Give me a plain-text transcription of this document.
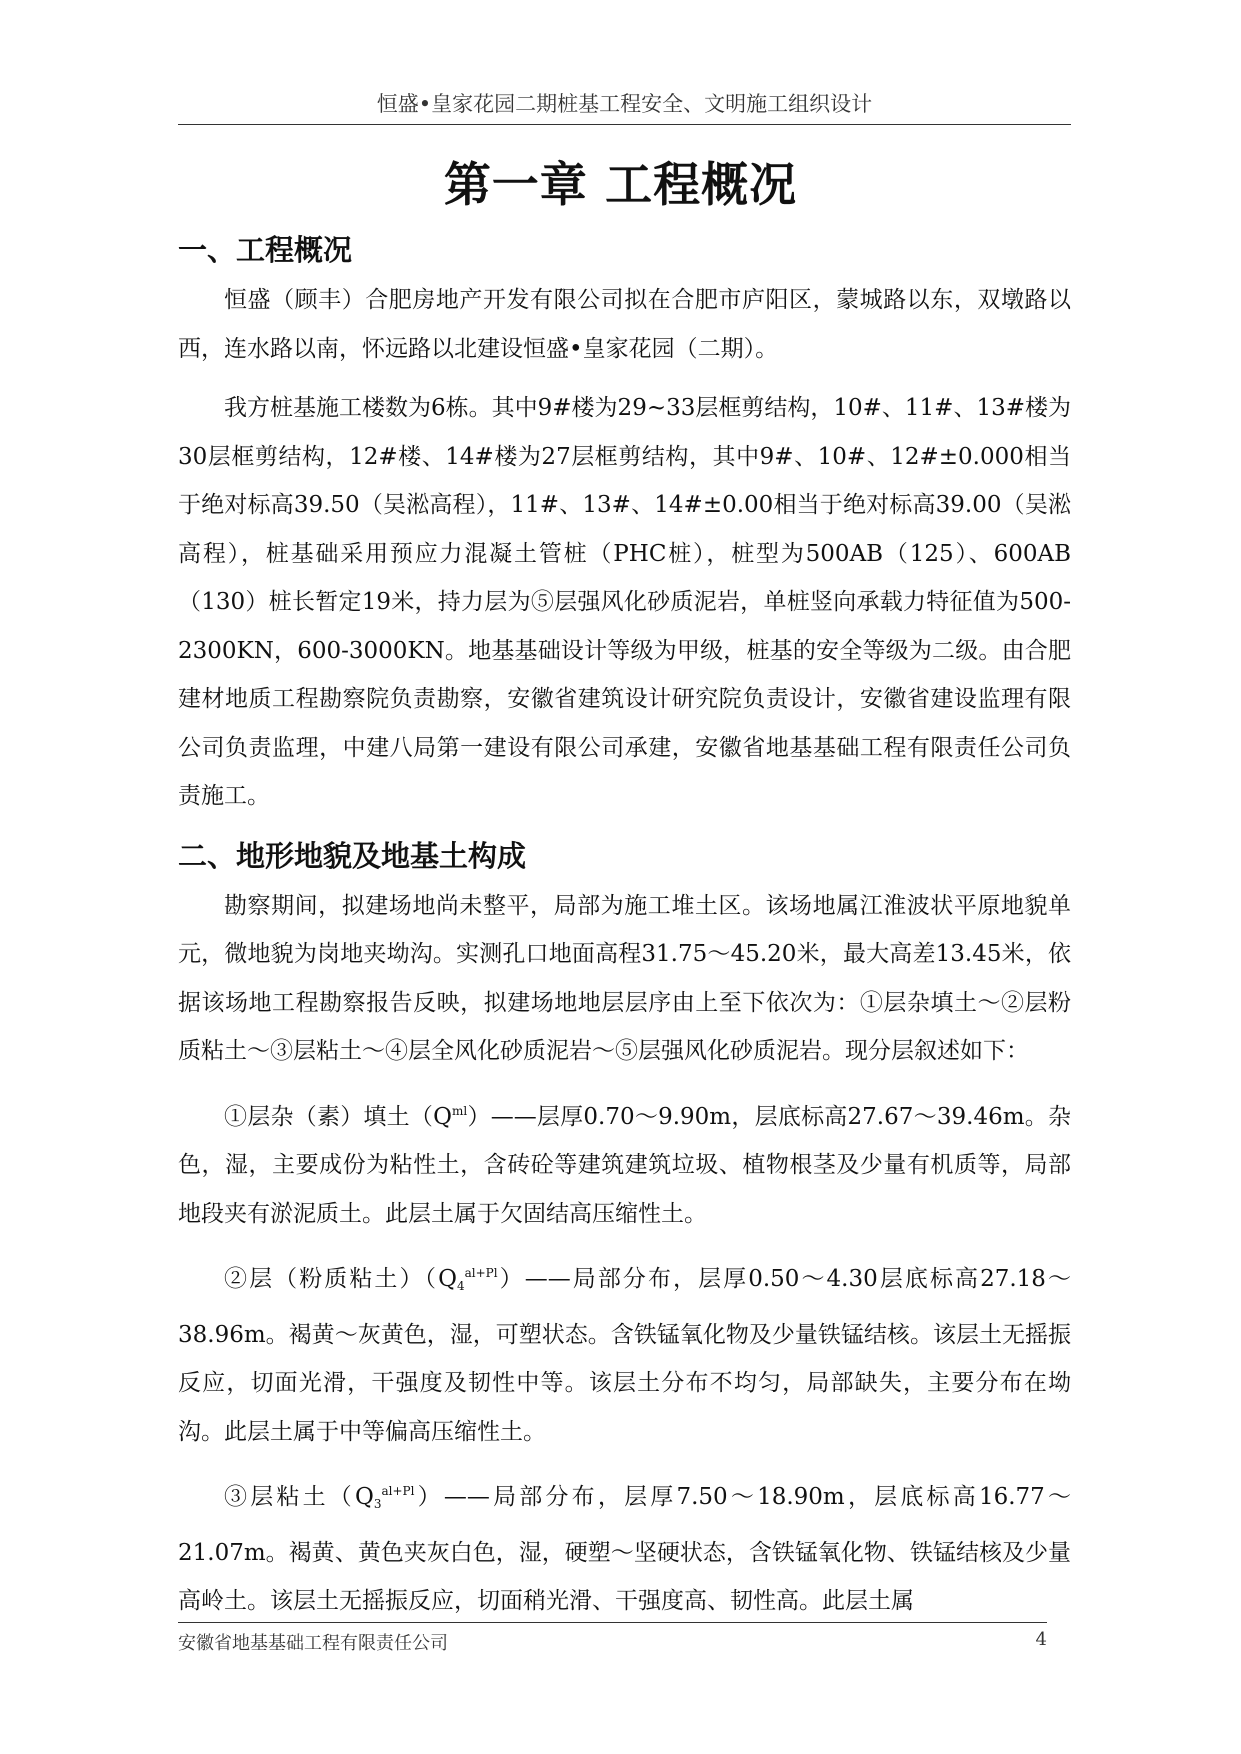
恒盛•皇家花园二期桩基工程安全、文明施工组织设计
第一章 工程概况
一、工程概况

恒盛（顾丰）合肥房地产开发有限公司拟在合肥市庐阳区，蒙城路以东，双墩路以西，连水路以南，怀远路以北建设恒盛•皇家花园（二期）。

我方桩基施工楼数为6栋。其中9#楼为29~33层框剪结构，10#、11#、13#楼为30层框剪结构，12#楼、14#楼为27层框剪结构，其中9#、10#、12#±0.000相当于绝对标高39.50（吴淞高程），11#、13#、14#±0.00相当于绝对标高39.00（吴淞高程），桩基础采用预应力混凝土管桩（PHC桩），桩型为500AB（125）、600AB（130）桩长暂定19米，持力层为⑤层强风化砂质泥岩，单桩竖向承载力特征值为500-2300KN，600-3000KN。地基基础设计等级为甲级，桩基的安全等级为二级。由合肥建材地质工程勘察院负责勘察，安徽省建筑设计研究院负责设计，安徽省建设监理有限公司负责监理，中建八局第一建设有限公司承建，安徽省地基基础工程有限责任公司负责施工。

二、地形地貌及地基土构成

勘察期间，拟建场地尚未整平，局部为施工堆土区。该场地属江淮波状平原地貌单元，微地貌为岗地夹坳沟。实测孔口地面高程31.75～45.20米，最大高差13.45米，依据该场地工程勘察报告反映，拟建场地地层层序由上至下依次为：①层杂填土～②层粉质粘土～③层粘土～④层全风化砂质泥岩～⑤层强风化砂质泥岩。现分层叙述如下：

①层杂（素）填土$(Q^{ml})——$层厚0.70～9.90m，层底标高27.67～39.46m。杂色，湿，主要成份为粘性土，含砖砼等建筑建筑垃圾、植物根茎及少量有机质等，局部地段夹有淤泥质土。此层土属于欠固结高压缩性土。

②层（粉质粘土）$(Q_4^{al+Pl})——$局部分布，层厚0.50～4.30层底标高27.18～38.96m。褐黄～灰黄色，湿，可塑状态。含铁锰氧化物及少量铁锰结核。该层土无摇振反应，切面光滑，干强度及韧性中等。该层土分布不均匀，局部缺失，主要分布在坳沟。此层土属于中等偏高压缩性土。

③层粘土$(Q_3^{al+Pl})——$局部分布，层厚7.50～18.90m，层底标高16.77～21.07m。褐黄、黄色夹灰白色，湿，硬塑～坚硬状态，含铁锰氧化物、铁锰结核及少量高岭土。该层土无摇振反应，切面稍光滑、干强度高、韧性高。此层土属

安徽省地基基础工程有限责任公司	4
